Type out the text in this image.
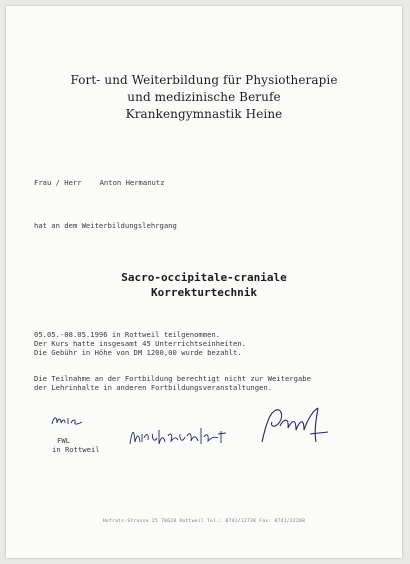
Fort- und Weiterbildung für Physiotherapie
und medizinische Berufe
Krankengymnastik Heine
Frau / Herr	Anton Hermanutz
hat an dem Weiterbildungslehrgang
Sacro-occipitale-craniale
Korrekturtechnik
05.05.-08.05.1996 in Rottweil teilgenommen.
Der Kurs hatte insgesamt 45 Unterrichtseinheiten.
Die Gebühr in Höhe von DM 1200,00 wurde bezahlt.
Die Teilnahme an der Fortbildung berechtigt nicht zur Weitergabe
der Lehrinhalte in anderen Fortbildungsveranstaltungen.
FWL
in Rottweil
Hofrats-Strasse 25 78628 Rottweil Tel.: 0741/12738 Fax: 0741/22208
